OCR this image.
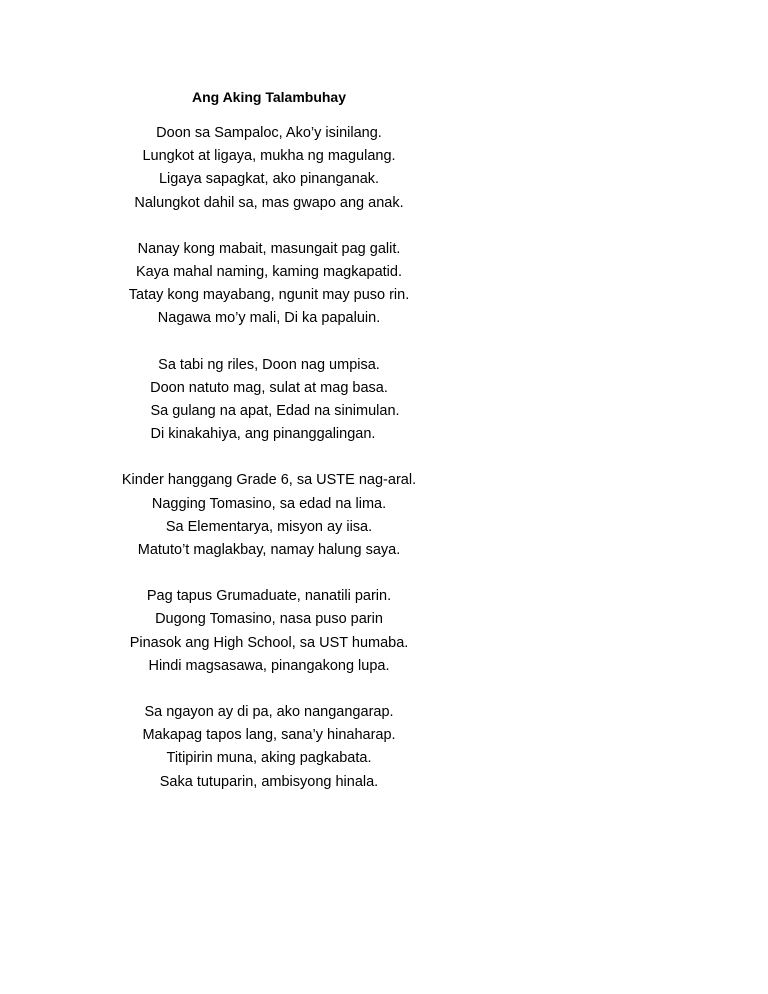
Ang Aking Talambuhay
Doon sa Sampaloc, Ako’y isinilang.
Lungkot at ligaya, mukha ng magulang.
Ligaya sapagkat, ako pinanganak.
Nalungkot dahil sa, mas gwapo ang anak.
Nanay kong mabait, masungait pag galit.
Kaya mahal naming, kaming magkapatid.
Tatay kong mayabang, ngunit may puso rin.
Nagawa mo’y mali, Di ka papaluin.
Sa tabi ng riles, Doon nag umpisa.
Doon natuto mag, sulat at mag basa.
Sa gulang na apat, Edad na sinimulan.
Di kinakahiya, ang pinanggalingan.
Kinder hanggang Grade 6, sa USTE nag-aral.
Nagging Tomasino, sa edad na lima.
Sa Elementarya, misyon ay iisa.
Matuto’t maglakbay, namay halung saya.
Pag tapus Grumaduate, nanatili parin.
Dugong Tomasino, nasa puso parin
Pinasok ang High School, sa UST humaba.
Hindi magsasawa, pinangakong lupa.
Sa ngayon ay di pa, ako nangangarap.
Makapag tapos lang, sana’y hinaharap.
Titipirin muna, aking pagkabata.
Saka tutuparin, ambisyong hinala.
